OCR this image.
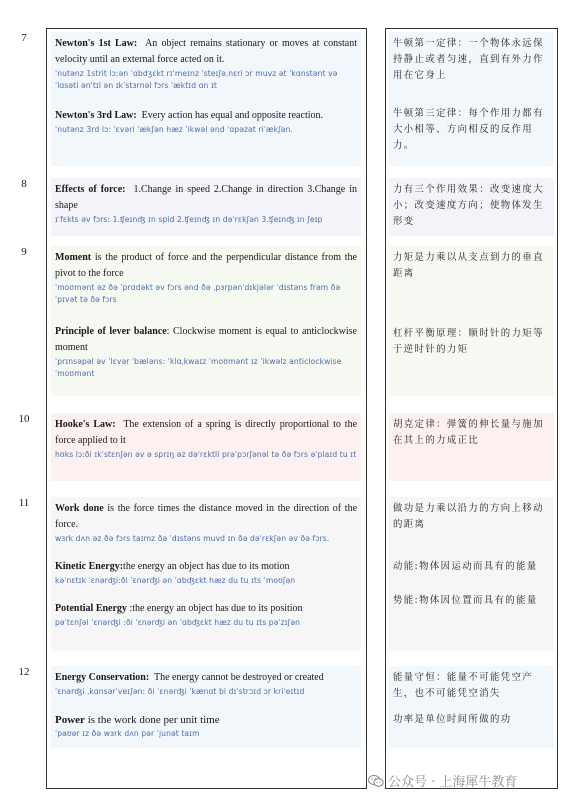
7
8
9
10
11
12
Newton's 1st Law: An object remains stationary or moves at constant velocity until an external force acted on it.
ˈnutənz 1strit lɔːən ˈɑbdʒɛkt rɪˈmeɪnz ˈsteɪʃəˌnɛri ɔr muvz ət ˈkɑnstənt vəˈlɑsəti ən'tɪl ən ɪkˈstɜrnəl fɔrs ˈæktɪd ɑn ɪt
Newton's 3rd Law: Every action has equal and opposite reaction.
ˈnutənz 3rd lɔː ˈɛvəri ˈækʃən hæz ˈikwəl ənd ˈɑpəzət riˈækʃən.
牛顿第一定律：一个物体永远保持静止或者匀速，直到有外力作用在它身上
牛顿第三定律：每个作用力都有大小相等、方向相反的反作用力。
Effects of force: 1.Change in speed 2.Change in direction 3.Change in shape
ɪˈfɛkts əv fɔrs: 1.ʧeɪnʤ ɪn spid 2.ʧeɪnʤ ɪn dəˈrɛkʃən 3.ʧeɪnʤ ɪn ʃeɪp
力有三个作用效果：改变速度大小；改变速度方向；使物体发生形变
Moment is the product of force and the perpendicular distance from the pivot to the force
ˈmoʊmənt əz ðə ˈprɑdəkt əv fɔrs ənd ðə ˌpɜrpənˈdɪkjələr ˈdɪstəns frəm ðə ˈpɪvət tə ðə fɔrs
Principle of lever balance: Clockwise moment is equal to anticlockwise moment
ˈprɪnsəpəl əv ˈlɛvər ˈbæləns: ˈklɑˌkwaɪz ˈmoʊmənt ɪz ˈikwəlz anticlockwise ˈmoʊmənt
力矩是力乘以从支点到力的垂直距离
杠杆平衡原理：顺时针的力矩等于逆时针的力矩
Hooke's Law: The extension of a spring is directly proportional to the force applied to it
hʊks lɔːði ɪkˈstɛnʃən əv ə sprɪŋ əz dəˈrɛktli prəˈpɔrʃənəl tə ðə fɔrs əˈplaɪd tu ɪt
胡克定律：弹簧的伸长量与施加在其上的力成正比
Work done is the force times the distance moved in the direction of the force.
wɜrk dʌn əz ðə fɔrs taɪmz ðə ˈdɪstəns muvd ɪn ðə dəˈrɛkʃən əv ðə fɔrs.
Kinetic Energy:the energy an object has due to its motion
kəˈnɛtɪk ˈɛnərʤi:ði ˈɛnərʤi ən ˈɑbʤɛkt hæz du tu ɪts ˈmoʊʃən
Potential Energy :the energy an object has due to its position
pəˈtɛnʃəl ˈɛnərʤi :ði ˈɛnərʤi ən ˈɑbʤɛkt hæz du tu ɪts pəˈzɪʃən
做功是力乘以沿力的方向上移动的距离
动能:物体因运动而具有的能量
势能:物体因位置而具有的能量
Energy Conservation: The energy cannot be destroyed or created
ˈɛnərʤi ˌkɑnsərˈveɪʃən: ði ˈɛnərʤi ˈkænɑt bi dɪˈstrɔɪd ɔr kriˈeɪtɪd
Power is the work done per unit time
ˈpaʊər ɪz ðə wɜrk dʌn pər ˈjunət taɪm
能量守恒：能量不可能凭空产生，也不可能凭空消失
功率是单位时间所做的功
公众号 · 上海犀牛教育
